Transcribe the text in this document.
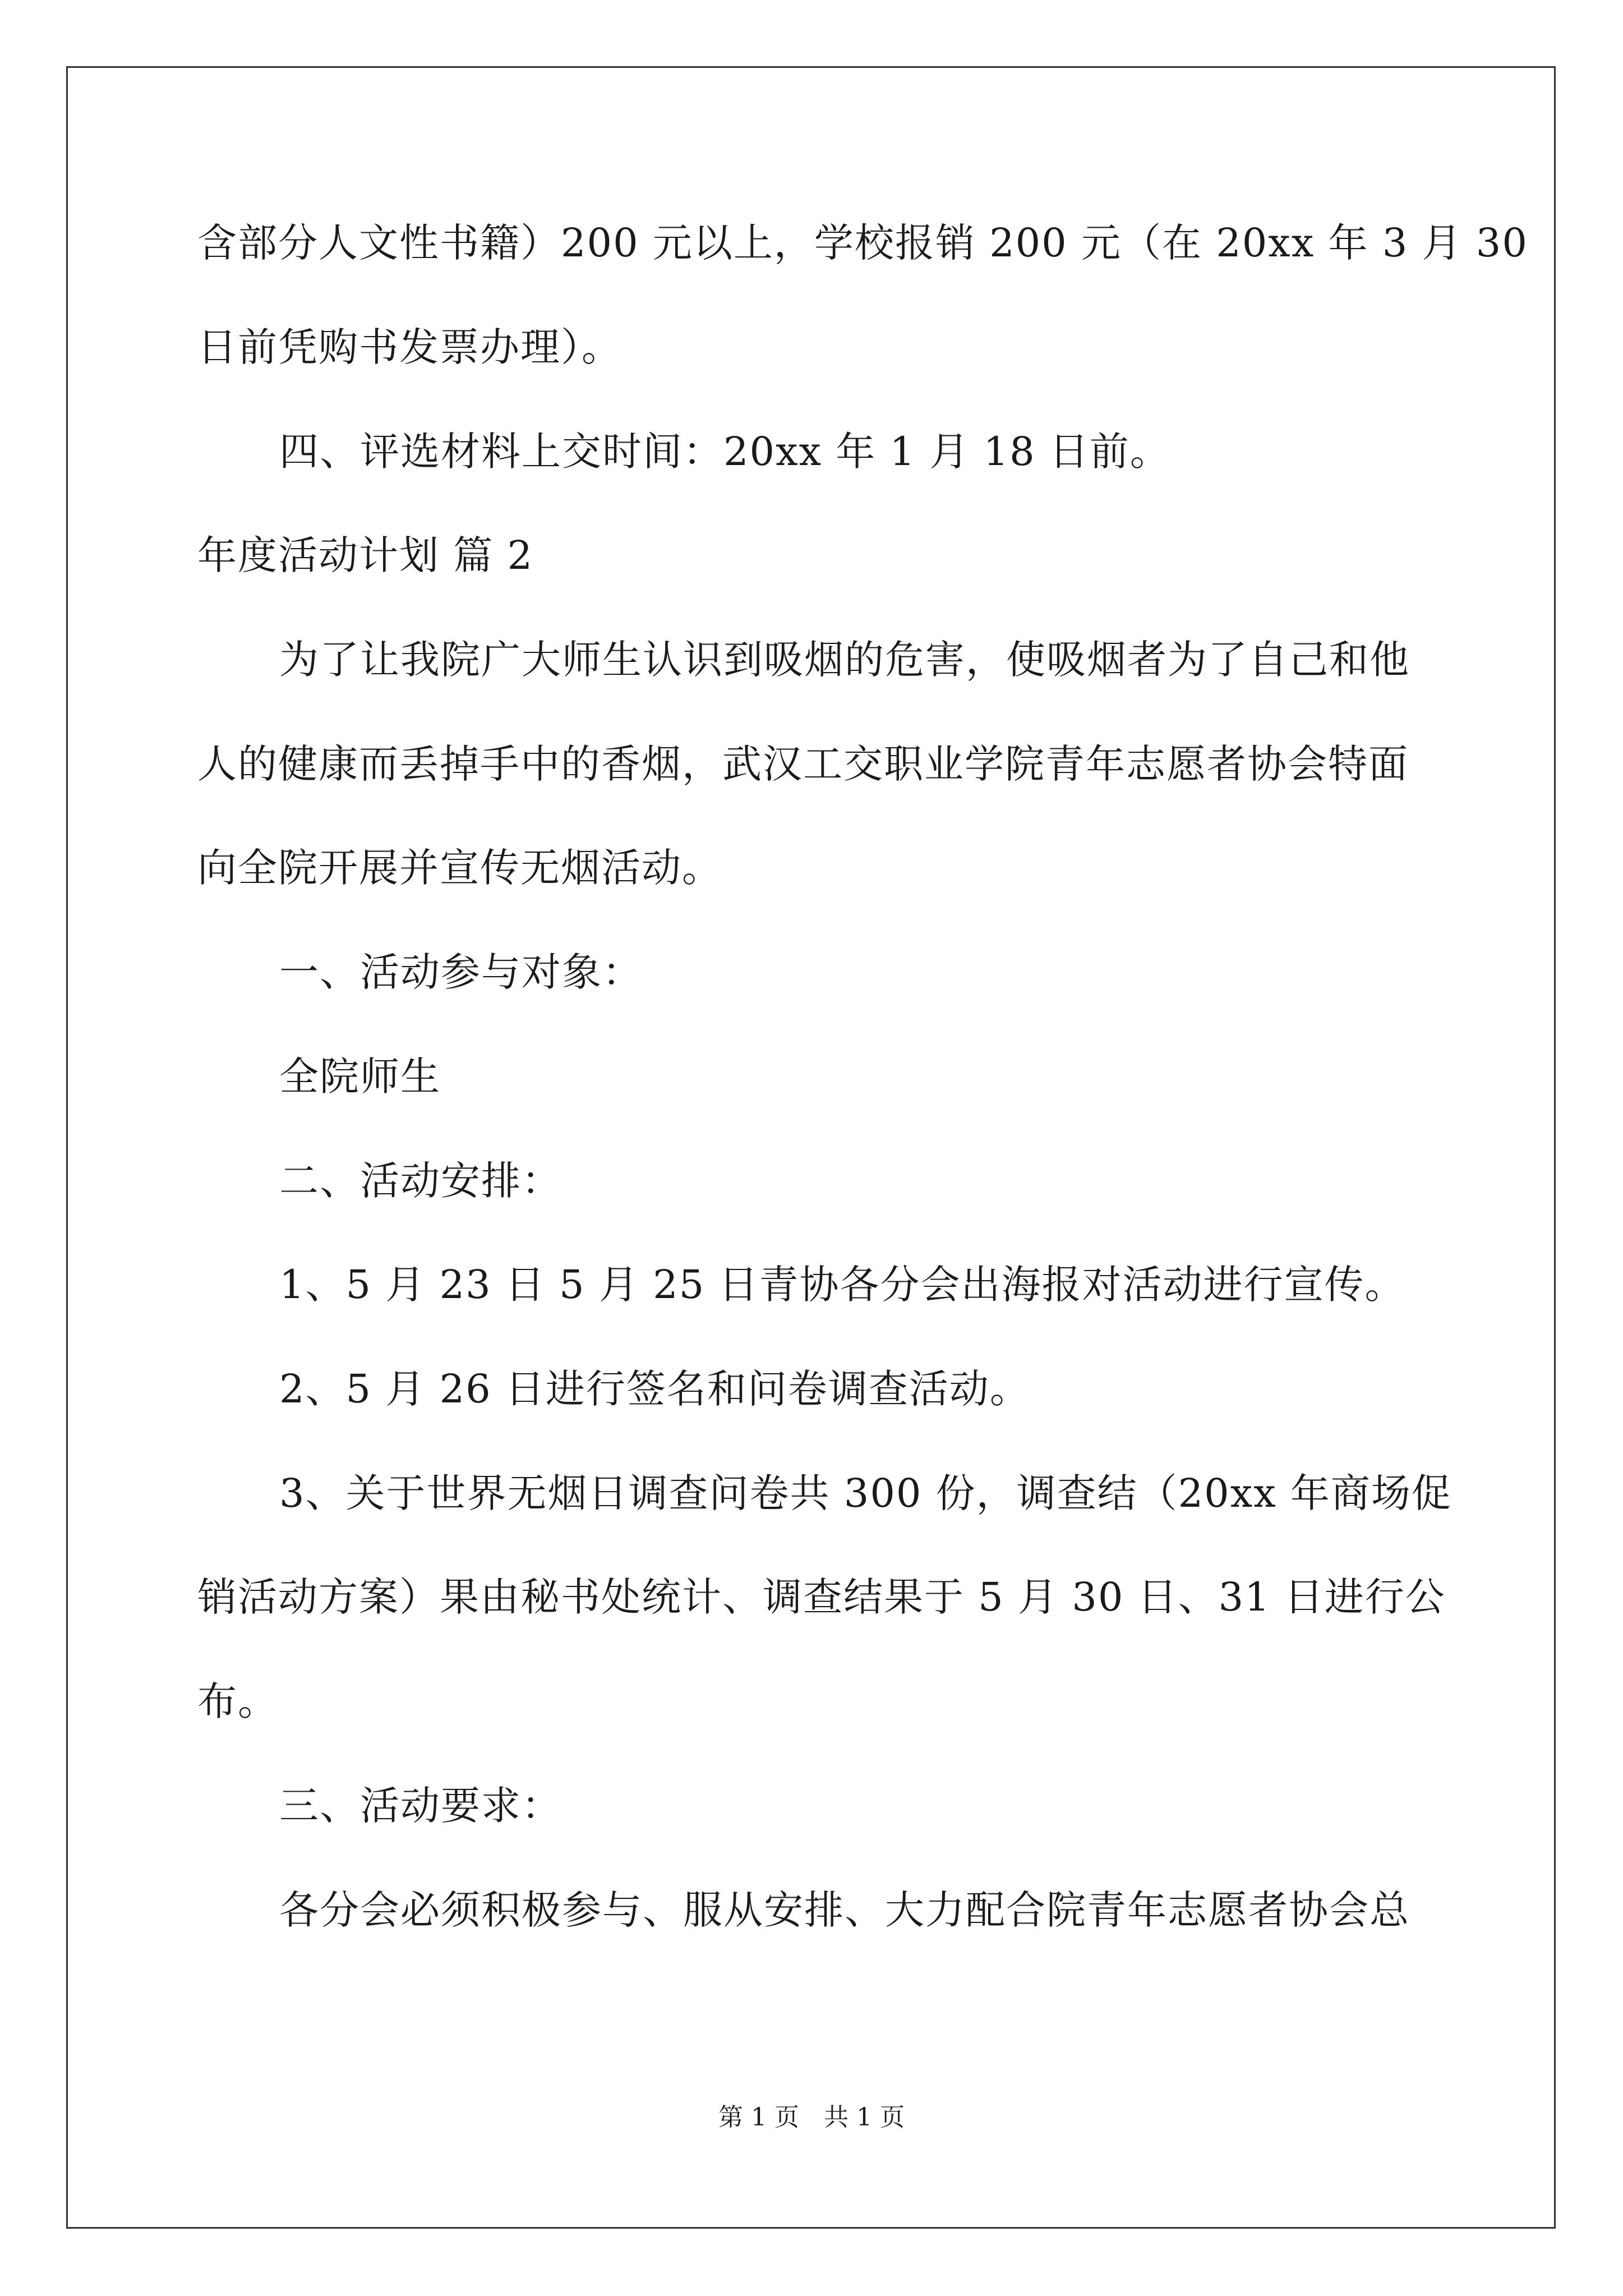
含部分人文性书籍）200 元以上，学校报销 200 元（在 20xx 年 3 月 30
日前凭购书发票办理）。
四、评选材料上交时间：20xx 年 1 月 18 日前。
年度活动计划 篇 2
为了让我院广大师生认识到吸烟的危害，使吸烟者为了自己和他
人的健康而丢掉手中的香烟，武汉工交职业学院青年志愿者协会特面
向全院开展并宣传无烟活动。
一、活动参与对象：
全院师生
二、活动安排：
1、5 月 23 日 5 月 25 日青协各分会出海报对活动进行宣传。
2、5 月 26 日进行签名和问卷调查活动。
3、关于世界无烟日调查问卷共 300 份，调查结（20xx 年商场促
销活动方案）果由秘书处统计、调查结果于 5 月 30 日、31 日进行公
布。
三、活动要求：
各分会必须积极参与、服从安排、大力配合院青年志愿者协会总
第 1 页　共 1 页
